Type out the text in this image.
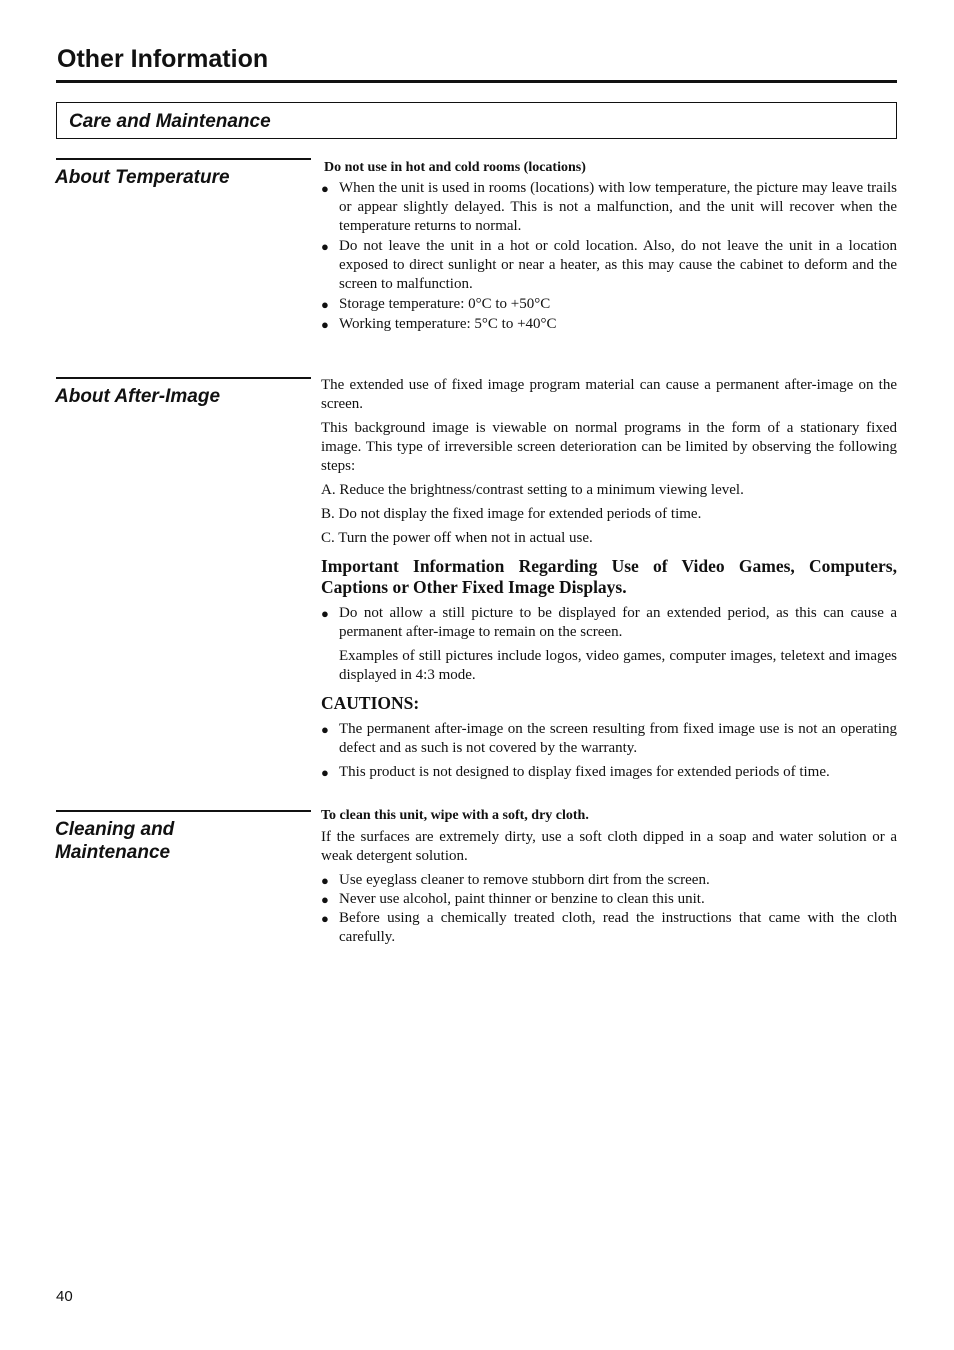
Other Information
Care and Maintenance
About Temperature	Do not use in hot and cold rooms (locations)

● When the unit is used in rooms (locations) with low temperature, the picture may leave trails or appear slightly delayed. This is not a malfunction, and the unit will recover when the temperature returns to normal.
● Do not leave the unit in a hot or cold location. Also, do not leave the unit in a location exposed to direct sunlight or near a heater, as this may cause the cabinet to deform and the screen to malfunction.
● Storage temperature: 0°C to +50°C
● Working temperature: 5°C to +40°C
About After-Image

The extended use of fixed image program material can cause a permanent after-image on the screen.

This background image is viewable on normal programs in the form of a stationary fixed image. This type of irreversible screen deterioration can be limited by observing the following steps:

A. Reduce the brightness/contrast setting to a minimum viewing level.

B. Do not display the fixed image for extended periods of time.

C. Turn the power off when not in actual use.

Important Information Regarding Use of Video Games, Computers, Captions or Other Fixed Image Displays.

● Do not allow a still picture to be displayed for an extended period, as this can cause a permanent after-image to remain on the screen.

Examples of still pictures include logos, video games, computer images, teletext and images displayed in 4:3 mode.

CAUTIONS:

● The permanent after-image on the screen resulting from fixed image use is not an operating defect and as such is not covered by the warranty.
● This product is not designed to display fixed images for extended periods of time.
Cleaning and
Maintenance

To clean this unit, wipe with a soft, dry cloth.

If the surfaces are extremely dirty, use a soft cloth dipped in a soap and water solution or a weak detergent solution.

● Use eyeglass cleaner to remove stubborn dirt from the screen.
● Never use alcohol, paint thinner or benzine to clean this unit.
● Before using a chemically treated cloth, read the instructions that came with the cloth carefully.
40
